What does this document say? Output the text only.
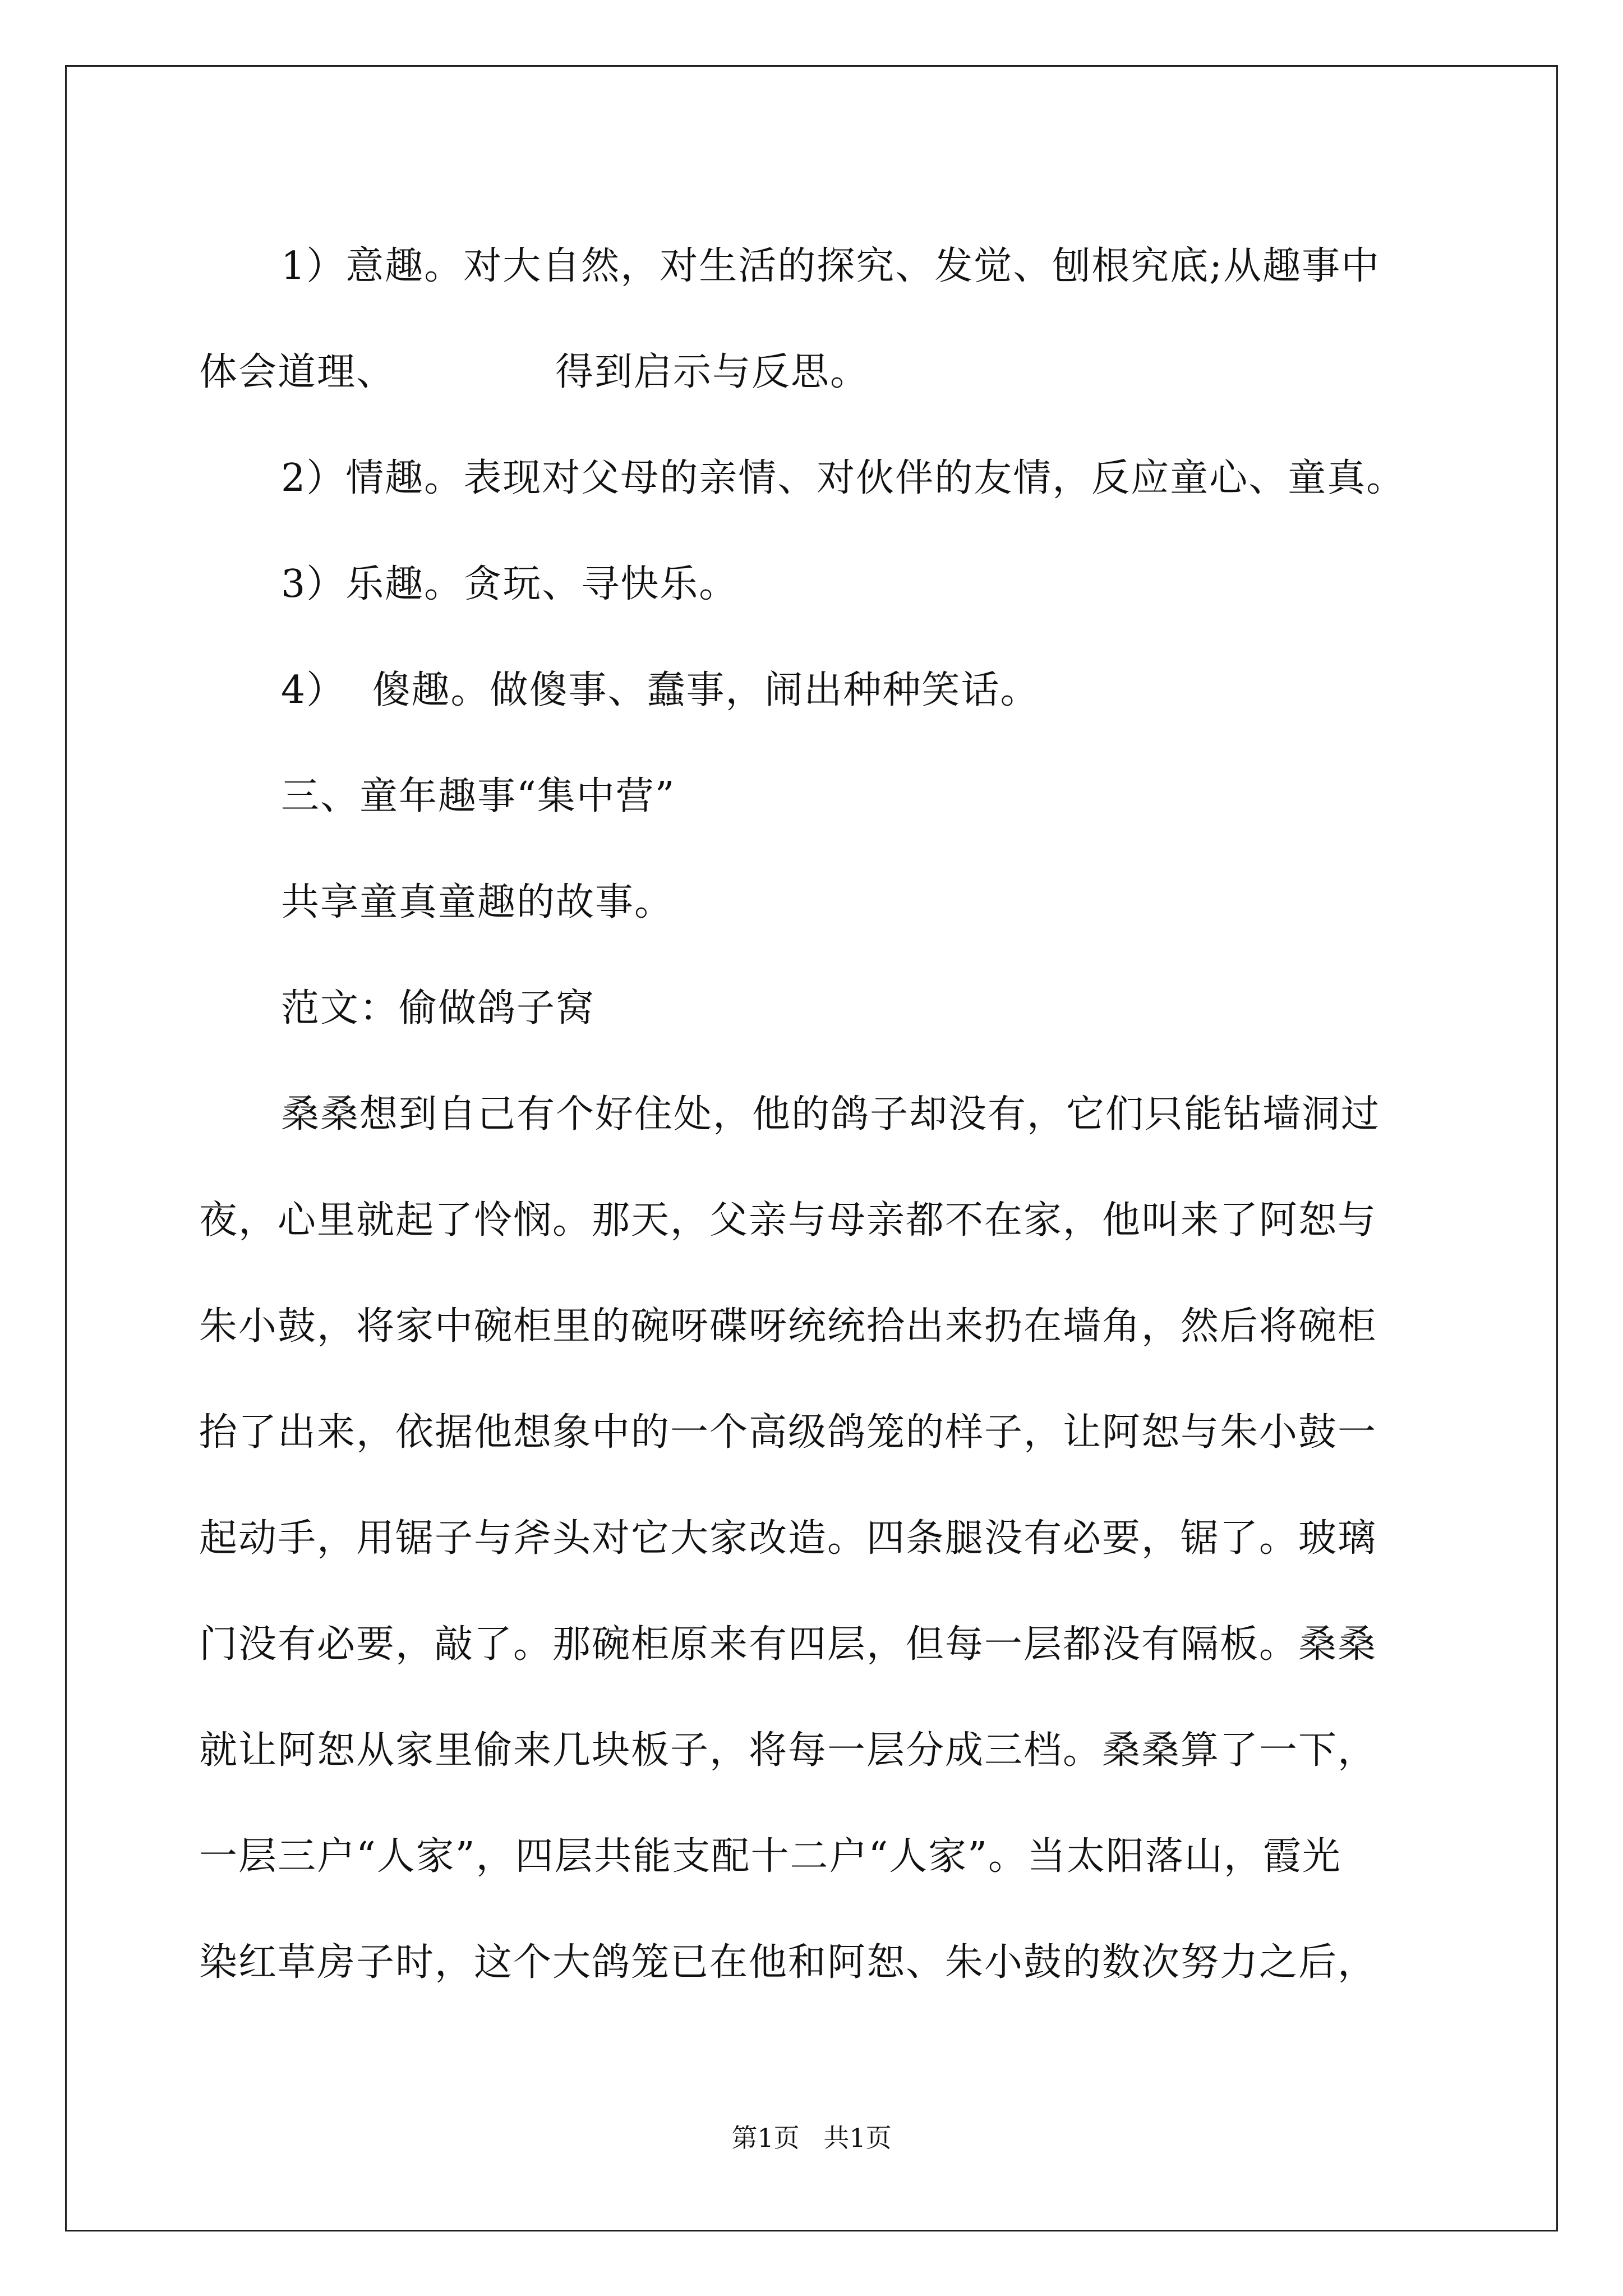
1）意趣。对大自然，对生活的探究、发觉、刨根究底;从趣事中
体会道理、	得到启示与反思。
2）情趣。表现对父母的亲情、对伙伴的友情，反应童心、童真。
3）乐趣。贪玩、寻快乐。
4）  傻趣。做傻事、蠢事，闹出种种笑话。
三、童年趣事“集中营”
共享童真童趣的故事。
范文：偷做鸽子窝
桑桑想到自己有个好住处，他的鸽子却没有，它们只能钻墙洞过
夜，心里就起了怜悯。那天，父亲与母亲都不在家，他叫来了阿恕与
朱小鼓，将家中碗柜里的碗呀碟呀统统拾出来扔在墙角，然后将碗柜
抬了出来，依据他想象中的一个高级鸽笼的样子，让阿恕与朱小鼓一
起动手，用锯子与斧头对它大家改造。四条腿没有必要，锯了。玻璃
门没有必要，敲了。那碗柜原来有四层，但每一层都没有隔板。桑桑
就让阿恕从家里偷来几块板子，将每一层分成三档。桑桑算了一下，
一层三户“人家”，四层共能支配十二户“人家”。当太阳落山，霞光
染红草房子时，这个大鸽笼已在他和阿恕、朱小鼓的数次努力之后，
第1页 共1页
